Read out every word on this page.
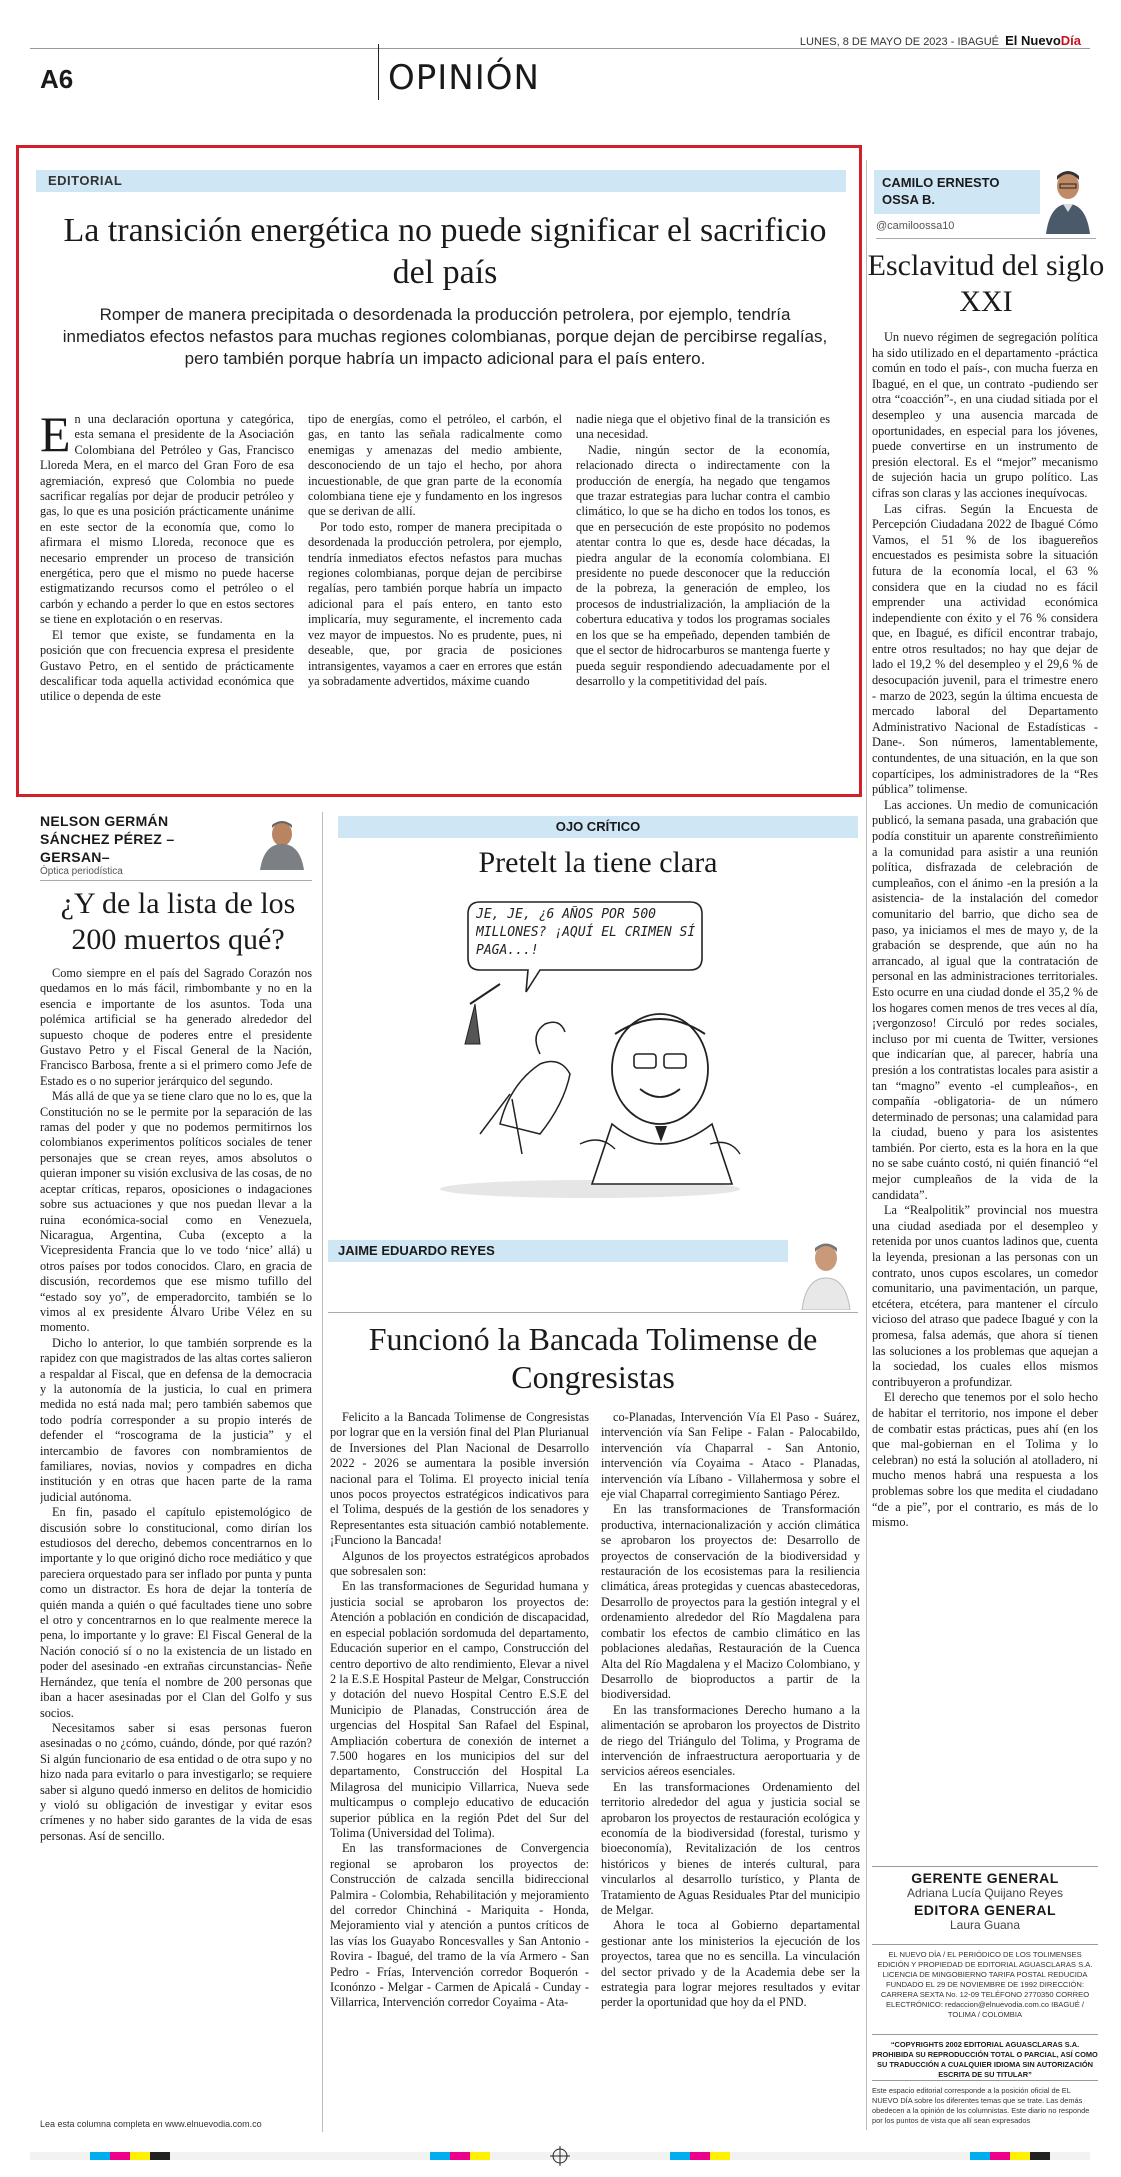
A6	OPINIÓN
LUNES, 8 DE MAYO DE 2023 - IBAGUÉ El NuevoDía
EDITORIAL
La transición energética no puede significar el sacrificio del país

Romper de manera precipitada o desordenada la producción petrolera, por ejemplo, tendría inmediatos efectos nefastos para muchas regiones colombianas, porque dejan de percibirse regalías, pero también porque habría un impacto adicional para el país entero.

E n una declaración oportuna y categórica, esta semana el presidente de la Asociación Colombiana del Petróleo y Gas, Francisco Lloreda Mera, en el marco del Gran Foro de esa agremiación, expresó que Colombia no puede sacrificar regalías por dejar de producir petróleo y gas, lo que es una posición prácticamente unánime en este sector de la economía que, como lo afirmara el mismo Lloreda, reconoce que es necesario emprender un proceso de transición energética, pero que el mismo no puede hacerse estigmatizando recursos como el petróleo o el carbón y echando a perder lo que en estos sectores se tiene en explotación o en reservas.

El temor que existe, se fundamenta en la posición que con frecuencia expresa el presidente Gustavo Petro, en el sentido de prácticamente descalificar toda aquella actividad económica que utilice o dependa de este

tipo de energías, como el petróleo, el carbón, el gas, en tanto las señala radicalmente como enemigas y amenazas del medio ambiente, desconociendo de un tajo el hecho, por ahora incuestionable, de que gran parte de la economía colombiana tiene eje y fundamento en los ingresos que se derivan de allí.

Por todo esto, romper de manera precipitada o desordenada la producción petrolera, por ejemplo, tendría inmediatos efectos nefastos para muchas regiones colombianas, porque dejan de percibirse regalías, pero también porque habría un impacto adicional para el país entero, en tanto esto implicaría, muy seguramente, el incremento cada vez mayor de impuestos. No es prudente, pues, ni deseable, que, por gracia de posiciones intransigentes, vayamos a caer en errores que están ya sobradamente advertidos, máxime cuando

nadie niega que el objetivo final de la transición es una necesidad.

Nadie, ningún sector de la economía, relacionado directa o indirectamente con la producción de energía, ha negado que tengamos que trazar estrategias para luchar contra el cambio climático, lo que se ha dicho en todos los tonos, es que en persecución de este propósito no podemos atentar contra lo que es, desde hace décadas, la piedra angular de la economía colombiana. El presidente no puede desconocer que la reducción de la pobreza, la generación de empleo, los procesos de industrialización, la ampliación de la cobertura educativa y todos los programas sociales en los que se ha empeñado, dependen también de que el sector de hidrocarburos se mantenga fuerte y pueda seguir respondiendo adecuadamente por el desarrollo y la competitividad del país.

CAMILO ERNESTO OSSA B.
@camiloossa10
Esclavitud del siglo XXI

Un nuevo régimen de segregación política ha sido utilizado en el departamento -práctica común en todo el país-, con mucha fuerza en Ibagué, en el que, un contrato -pudiendo ser otra “coacción”-, en una ciudad sitiada por el desempleo y una ausencia marcada de oportunidades, en especial para los jóvenes, puede convertirse en un instrumento de presión electoral. Es el “mejor” mecanismo de sujeción hacia un grupo político. Las cifras son claras y las acciones inequívocas.

Las cifras. Según la Encuesta de Percepción Ciudadana 2022 de Ibagué Cómo Vamos, el 51 % de los ibaguereños encuestados es pesimista sobre la situación futura de la economía local, el 63 % considera que en la ciudad no es fácil emprender una actividad económica independiente con éxito y el 76 % considera que, en Ibagué, es difícil encontrar trabajo, entre otros resultados; no hay que dejar de lado el 19,2 % del desempleo y el 29,6 % de desocupación juvenil, para el trimestre enero - marzo de 2023, según la última encuesta de mercado laboral del Departamento Administrativo Nacional de Estadísticas - Dane-. Son números, lamentablemente, contundentes, de una situación, en la que son copartícipes, los administradores de la “Res pública” tolimense.

Las acciones. Un medio de comunicación publicó, la semana pasada, una grabación que podía constituir un aparente constreñimiento a la comunidad para asistir a una reunión política, disfrazada de celebración de cumpleaños, con el ánimo -en la presión a la asistencia- de la instalación del comedor comunitario del barrio, que dicho sea de paso, ya iniciamos el mes de mayo y, de la grabación se desprende, que aún no ha arrancado, al igual que la contratación de personal en las administraciones territoriales. Esto ocurre en una ciudad donde el 35,2 % de los hogares comen menos de tres veces al día, ¡vergonzoso! Circuló por redes sociales, incluso por mi cuenta de Twitter, versiones que indicarían que, al parecer, habría una presión a los contratistas locales para asistir a tan “magno” evento -el cumpleaños-, en compañía -obligatoria- de un número determinado de personas; una calamidad para la ciudad, bueno y para los asistentes también. Por cierto, esta es la hora en la que no se sabe cuánto costó, ni quién financió “el mejor cumpleaños de la vida de la candidata”.

La “Realpolitik” provincial nos muestra una ciudad asediada por el desempleo y retenida por unos cuantos ladinos que, cuenta la leyenda, presionan a las personas con un contrato, unos cupos escolares, un comedor comunitario, una pavimentación, un parque, etcétera, etcétera, para mantener el círculo vicioso del atraso que padece Ibagué y con la promesa, falsa además, que ahora sí tienen las soluciones a los problemas que aquejan a la sociedad, los cuales ellos mismos contribuyeron a profundizar.

El derecho que tenemos por el solo hecho de habitar el territorio, nos impone el deber de combatir estas prácticas, pues ahí (en los que mal-gobiernan en el Tolima y lo celebran) no está la solución al atolladero, ni mucho menos habrá una respuesta a los problemas sobre los que medita el ciudadano “de a pie”, por el contrario, es más de lo mismo.

GERENTE GENERAL
Adriana Lucía Quijano Reyes
EDITORA GENERAL
Laura Guana
EL NUEVO DÍA / EL PERIÓDICO DE LOS TOLIMENSES EDICIÓN Y PROPIEDAD DE EDITORIAL AGUASCLARAS S.A. LICENCIA DE MINGOBIERNO TARIFA POSTAL REDUCIDA FUNDADO EL 29 DE NOVIEMBRE DE 1992 DIRECCIÓN: CARRERA SEXTA No. 12-09 TELÉFONO 2770350 CORREO ELECTRÓNICO: redaccion@elnuevodia.com.co IBAGUÉ / TOLIMA / COLOMBIA
“COPYRIGHTS 2002 EDITORIAL AGUASCLARAS S.A. PROHIBIDA SU REPRODUCCIÓN TOTAL O PARCIAL, ASÍ COMO SU TRADUCCIÓN A CUALQUIER IDIOMA SIN AUTORIZACIÓN ESCRITA DE SU TITULAR”
Este espacio editorial corresponde a la posición oficial de EL NUEVO DÍA sobre los diferentes temas que se trate. Las demás obedecen a la opinión de los columnistas. Este diario no responde por los puntos de vista que allí sean expresados
NELSON GERMÁN SÁNCHEZ PÉREZ –GERSAN–
Óptica periodística
¿Y de la lista de los 200 muertos qué?

Como siempre en el país del Sagrado Corazón nos quedamos en lo más fácil, rimbombante y no en la esencia e importante de los asuntos. Toda una polémica artificial se ha generado alrededor del supuesto choque de poderes entre el presidente Gustavo Petro y el Fiscal General de la Nación, Francisco Barbosa, frente a si el primero como Jefe de Estado es o no superior jerárquico del segundo.

Más allá de que ya se tiene claro que no lo es, que la Constitución no se le permite por la separación de las ramas del poder y que no podemos permitirnos los colombianos experimentos políticos sociales de tener personajes que se crean reyes, amos absolutos o quieran imponer su visión exclusiva de las cosas, de no aceptar críticas, reparos, oposiciones o indagaciones sobre sus actuaciones y que nos puedan llevar a la ruina económica-social como en Venezuela, Nicaragua, Argentina, Cuba (excepto a la Vicepresidenta Francia que lo ve todo ‘nice’ allá) u otros países por todos conocidos. Claro, en gracia de discusión, recordemos que ese mismo tufillo del “estado soy yo”, de emperadorcito, también se lo vimos al ex presidente Álvaro Uribe Vélez en su momento.

Dicho lo anterior, lo que también sorprende es la rapidez con que magistrados de las altas cortes salieron a respaldar al Fiscal, que en defensa de la democracia y la autonomía de la justicia, lo cual en primera medida no está nada mal; pero también sabemos que todo podría corresponder a su propio interés de defender el “roscograma de la justicia” y el intercambio de favores con nombramientos de familiares, novias, novios y compadres en dicha institución y en otras que hacen parte de la rama judicial autónoma.

En fin, pasado el capítulo epistemológico de discusión sobre lo constitucional, como dirían los estudiosos del derecho, debemos concentrarnos en lo importante y lo que originó dicho roce mediático y que pareciera orquestado para ser inflado por punta y punta como un distractor. Es hora de dejar la tontería de quién manda a quién o qué facultades tiene uno sobre el otro y concentrarnos en lo que realmente merece la pena, lo importante y lo grave: El Fiscal General de la Nación conoció sí o no la existencia de un listado en poder del asesinado -en extrañas circunstancias- Ñeñe Hernández, que tenía el nombre de 200 personas que iban a hacer asesinadas por el Clan del Golfo y sus socios.

Necesitamos saber si esas personas fueron asesinadas o no ¿cómo, cuándo, dónde, por qué razón? Si algún funcionario de esa entidad o de otra supo y no hizo nada para evitarlo o para investigarlo; se requiere saber si alguno quedó inmerso en delitos de homicidio y violó su obligación de investigar y evitar esos crímenes y no haber sido garantes de la vida de esas personas. Así de sencillo.

Lea esta columna completa en www.elnuevodia.com.co
OJO CRÍTICO
Pretelt la tiene clara
JE, JE, ¿6 AÑOS POR 500 MILLONES? ¡AQUÍ EL CRIMEN SÍ PAGA...!
JAIME EDUARDO REYES
Funcionó la Bancada Tolimense de Congresistas

Felicito a la Bancada Tolimense de Congresistas por lograr que en la versión final del Plan Plurianual de Inversiones del Plan Nacional de Desarrollo 2022 - 2026 se aumentara la posible inversión nacional para el Tolima. El proyecto inicial tenía unos pocos proyectos estratégicos indicativos para el Tolima, después de la gestión de los senadores y Representantes esta situación cambió notablemente. ¡Funciono la Bancada!

Algunos de los proyectos estratégicos aprobados que sobresalen son:

En las transformaciones de Seguridad humana y justicia social se aprobaron los proyectos de: Atención a población en condición de discapacidad, en especial población sordomuda del departamento, Educación superior en el campo, Construcción del centro deportivo de alto rendimiento, Elevar a nivel 2 la E.S.E Hospital Pasteur de Melgar, Construcción y dotación del nuevo Hospital Centro E.S.E del Municipio de Planadas, Construcción área de urgencias del Hospital San Rafael del Espinal, Ampliación cobertura de conexión de internet a 7.500 hogares en los municipios del sur del departamento, Construcción del Hospital La Milagrosa del municipio Villarrica, Nueva sede multicampus o complejo educativo de educación superior pública en la región Pdet del Sur del Tolima (Universidad del Tolima).

En las transformaciones de Convergencia regional se aprobaron los proyectos de: Construcción de calzada sencilla bidireccional Palmira - Colombia, Rehabilitación y mejoramiento del corredor Chinchiná - Mariquita - Honda, Mejoramiento vial y atención a puntos críticos de las vías los Guayabo Roncesvalles y San Antonio - Rovira - Ibagué, del tramo de la vía Armero - San Pedro - Frías, Intervención corredor Boquerón - Iconónzo - Melgar - Carmen de Apicalá - Cunday - Villarrica, Intervención corredor Coyaima - Ata-

co-Planadas, Intervención Vía El Paso - Suárez, intervención vía San Felipe - Falan - Palocabildo, intervención vía Chaparral - San Antonio, intervención vía Coyaima - Ataco - Planadas, intervención vía Líbano - Villahermosa y sobre el eje vial Chaparral corregimiento Santiago Pérez.

En las transformaciones de Transformación productiva, internacionalización y acción climática se aprobaron los proyectos de: Desarrollo de proyectos de conservación de la biodiversidad y restauración de los ecosistemas para la resiliencia climática, áreas protegidas y cuencas abastecedoras, Desarrollo de proyectos para la gestión integral y el ordenamiento alrededor del Río Magdalena para combatir los efectos de cambio climático en las poblaciones aledañas, Restauración de la Cuenca Alta del Río Magdalena y el Macizo Colombiano, y Desarrollo de bioproductos a partir de la biodiversidad.

En las transformaciones Derecho humano a la alimentación se aprobaron los proyectos de Distrito de riego del Triángulo del Tolima, y Programa de intervención de infraestructura aeroportuaria y de servicios aéreos esenciales.

En las transformaciones Ordenamiento del territorio alrededor del agua y justicia social se aprobaron los proyectos de restauración ecológica y economía de la biodiversidad (forestal, turismo y bioeconomía), Revitalización de los centros históricos y bienes de interés cultural, para vincularlos al desarrollo turístico, y Planta de Tratamiento de Aguas Residuales Ptar del municipio de Melgar.

Ahora le toca al Gobierno departamental gestionar ante los ministerios la ejecución de los proyectos, tarea que no es sencilla. La vinculación del sector privado y de la Academia debe ser la estrategia para lograr mejores resultados y evitar perder la oportunidad que hoy da el PND.
